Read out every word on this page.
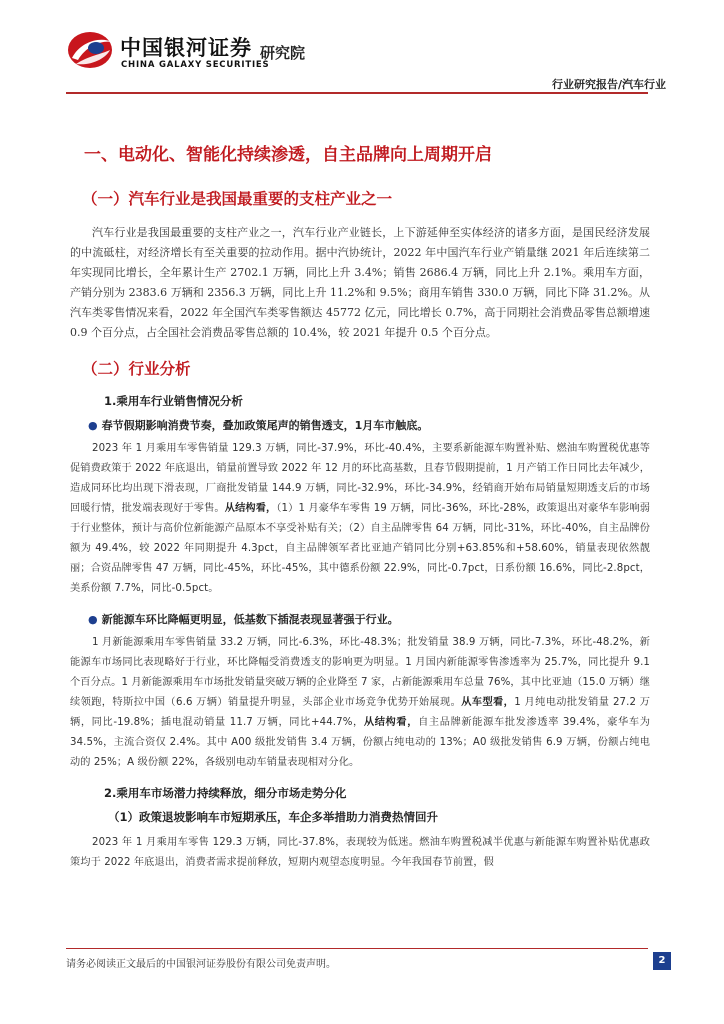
中国银河证券
CHINA GALAXY SECURITIES
研究院
行业研究报告/汽车行业
一、电动化、智能化持续渗透，自主品牌向上周期开启
（一）汽车行业是我国最重要的支柱产业之一

汽车行业是我国最重要的支柱产业之一，汽车行业产业链长，上下游延伸至实体经济的诸多方面，是国民经济发展的中流砥柱，对经济增长有至关重要的拉动作用。据中汽协统计，2022 年中国汽车行业产销量继 2021 年后连续第二年实现同比增长，全年累计生产 2702.1 万辆，同比上升 3.4%；销售 2686.4 万辆，同比上升 2.1%。乘用车方面，产销分别为 2383.6 万辆和 2356.3 万辆，同比上升 11.2%和 9.5%；商用车销售 330.0 万辆，同比下降 31.2%。从汽车类零售情况来看，2022 年全国汽车类零售额达 45772 亿元，同比增长 0.7%，高于同期社会消费品零售总额增速 0.9 个百分点，占全国社会消费品零售总额的 10.4%，较 2021 年提升 0.5 个百分点。

（二）行业分析
1.乘用车行业销售情况分析
● 春节假期影响消费节奏，叠加政策尾声的销售透支，1月车市触底。

2023 年 1 月乘用车零售销量 129.3 万辆，同比-37.9%，环比-40.4%，主要系新能源车购置补贴、燃油车购置税优惠等促销费政策于 2022 年底退出，销量前置导致 2022 年 12 月的环比高基数，且春节假期提前，1 月产销工作日同比去年减少，造成同环比均出现下滑表现，厂商批发销量 144.9 万辆，同比-32.9%，环比-34.9%，经销商开始布局销量短期透支后的市场回暖行情，批发端表现好于零售。从结构看，（1）1 月豪华车零售 19 万辆，同比-36%，环比-28%，政策退出对豪华车影响弱于行业整体，预计与高价位新能源产品原本不享受补贴有关；（2）自主品牌零售 64 万辆，同比-31%，环比-40%，自主品牌份额为 49.4%，较 2022 年同期提升 4.3pct，自主品牌领军者比亚迪产销同比分别+63.85%和+58.60%，销量表现依然靓丽；合资品牌零售 47 万辆，同比-45%，环比-45%，其中德系份额 22.9%，同比-0.7pct，日系份额 16.6%，同比-2.8pct，美系份额 7.7%，同比-0.5pct。

● 新能源车环比降幅更明显，低基数下插混表现显著强于行业。

1 月新能源乘用车零售销量 33.2 万辆，同比-6.3%，环比-48.3%；批发销量 38.9 万辆，同比-7.3%，环比-48.2%，新能源车市场同比表现略好于行业，环比降幅受消费透支的影响更为明显。1 月国内新能源零售渗透率为 25.7%，同比提升 9.1 个百分点。1 月新能源乘用车市场批发销量突破万辆的企业降至 7 家，占新能源乘用车总量 76%，其中比亚迪（15.0 万辆）继续领跑，特斯拉中国（6.6 万辆）销量提升明显，头部企业市场竞争优势开始展现。从车型看，1 月纯电动批发销量 27.2 万辆，同比-19.8%；插电混动销量 11.7 万辆，同比+44.7%，从结构看，自主品牌新能源车批发渗透率 39.4%，豪华车为 34.5%，主流合资仅 2.4%。其中 A00 级批发销售 3.4 万辆，份额占纯电动的 13%；A0 级批发销售 6.9 万辆，份额占纯电动的 25%；A 级份额 22%，各级别电动车销量表现相对分化。

2.乘用车市场潜力持续释放，细分市场走势分化
（1）政策退坡影响车市短期承压，车企多举措助力消费热情回升

2023 年 1 月乘用车零售 129.3 万辆，同比-37.8%，表现较为低迷。燃油车购置税减半优惠与新能源车购置补贴优惠政策均于 2022 年底退出，消费者需求提前释放，短期内观望态度明显。今年我国春节前置，假

请务必阅读正文最后的中国银河证券股份有限公司免责声明。	2
